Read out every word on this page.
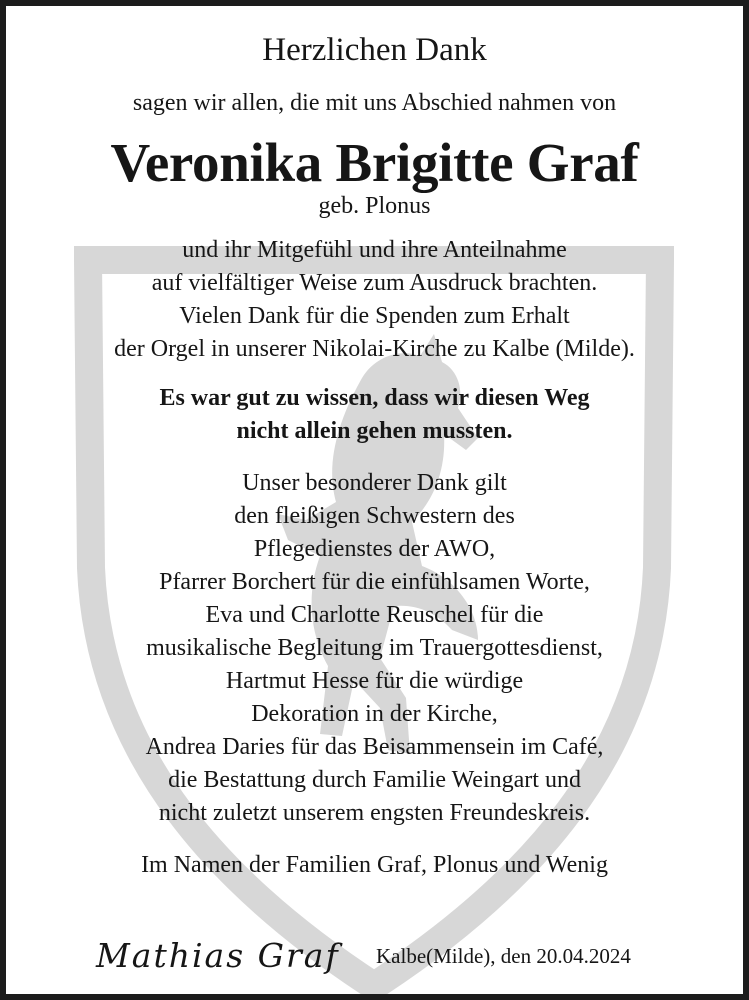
Herzlichen Dank

sagen wir allen, die mit uns Abschied nahmen von

Veronika Brigitte Graf

geb. Plonus

und ihr Mitgefühl und ihre Anteilnahme
auf vielfältiger Weise zum Ausdruck brachten.
Vielen Dank für die Spenden zum Erhalt
der Orgel in unserer Nikolai-Kirche zu Kalbe (Milde).
Es war gut zu wissen, dass wir diesen Weg
nicht allein gehen mussten.
Unser besonderer Dank gilt
den fleißigen Schwestern des
Pflegedienstes der AWO,
Pfarrer Borchert für die einfühlsamen Worte,
Eva und Charlotte Reuschel für die
musikalische Begleitung im Trauergottesdienst,
Hartmut Hesse für die würdige
Dekoration in der Kirche,
Andrea Daries für das Beisammensein im Café,
die Bestattung durch Familie Weingart und
nicht zuletzt unserem engsten Freundeskreis.

Im Namen der Familien Graf, Plonus und Wenig

Mathias Graf Kalbe(Milde), den 20.04.2024
